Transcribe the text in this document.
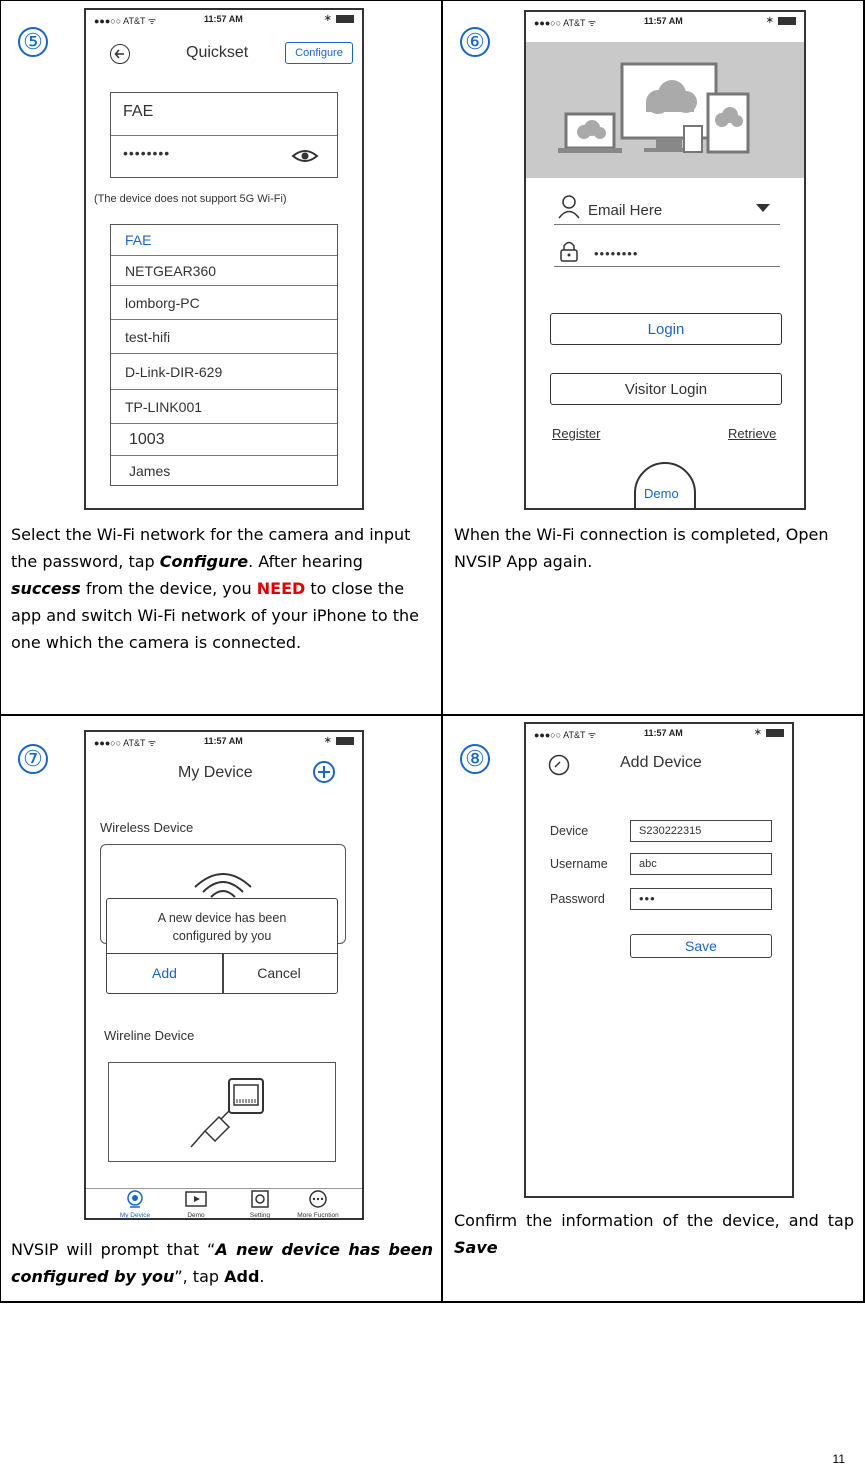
⑤
●●●○○ AT&T ᯤ	11:57 AM	∗
Quickset	Configure
FAE
••••••••
(The device does not support 5G Wi-Fi)
FAE
NETGEAR360
lomborg-PC
test-hifi
D-Link-DIR-629
TP-LINK001
1003
James
Select the Wi-Fi network for the camera and input the password, tap Configure. After hearing success from the device, you NEED to close the app and switch Wi-Fi network of your iPhone to the one which the camera is connected.
⑥
●●●○○ AT&T ᯤ	11:57 AM	∗
Email Here
••••••••
Login
Visitor Login
Register	Retrieve
Demo
When the Wi-Fi connection is completed, Open NVSIP App again.
⑦
●●●○○ AT&T ᯤ	11:57 AM	∗
My Device
Wireless Device
A new device has been configured by you
Add	Cancel
Wireline Device
My Device	Demo	Setting	More Fucntion
NVSIP will prompt that “A new device has been configured by you”, tap Add.
⑧
●●●○○ AT&T ᯤ	11:57 AM	∗
Add Device
Device	S230222315
Username	abc
Password	•••
Save
Confirm the information of the device, and tap Save
11
